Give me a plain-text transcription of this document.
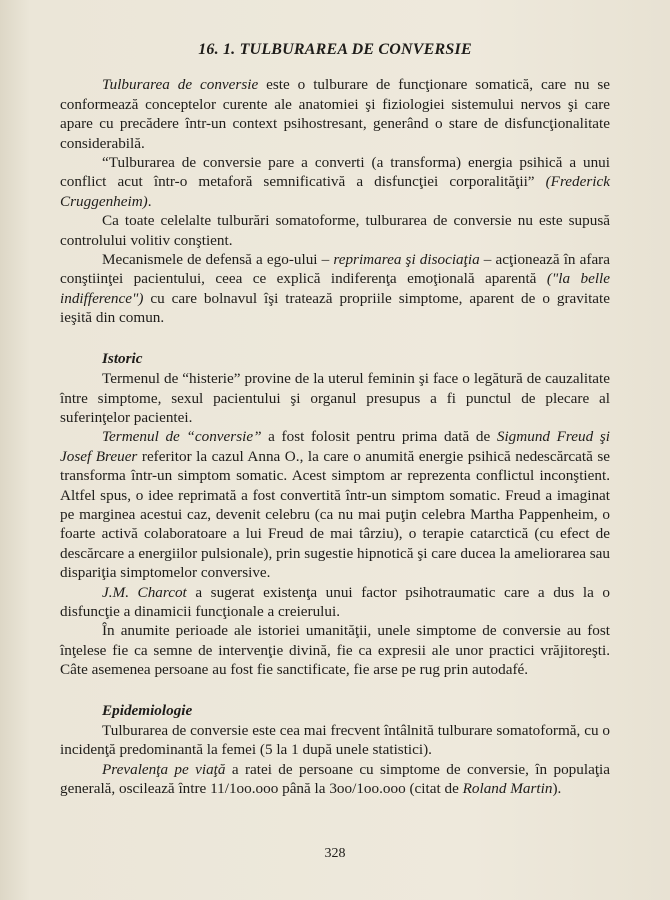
16. 1. TULBURAREA DE CONVERSIE

Tulburarea de conversie este o tulburare de funcţionare somatică, care nu se conformează conceptelor curente ale anatomiei şi fiziologiei sistemului nervos şi care apare cu precădere într-un context psihostresant, generând o stare de disfuncţionalitate considerabilă.

“Tulburarea de conversie pare a converti (a transforma) energia psihică a unui conflict acut într-o metaforă semnificativă a disfuncţiei corporalităţii” (Frederick Cruggenheim).

Ca toate celelalte tulburări somatoforme, tulburarea de conversie nu este supusă controlului volitiv conştient.

Mecanismele de defensă a ego-ului – reprimarea şi disociaţia – acţionează în afara conştiinţei pacientului, ceea ce explică indiferenţa emoţională aparentă ("la belle indifference") cu care bolnavul îşi tratează propriile simptome, aparent de o gravitate ieşită din comun.

Istoric

Termenul de “histerie” provine de la uterul feminin şi face o legătură de cauzalitate între simptome, sexul pacientului şi organul presupus a fi punctul de plecare al suferinţelor pacientei.

Termenul de “conversie” a fost folosit pentru prima dată de Sigmund Freud şi Josef Breuer referitor la cazul Anna O., la care o anumită energie psihică nedescărcată se transforma într-un simptom somatic. Acest simptom ar reprezenta conflictul inconştient. Altfel spus, o idee reprimată a fost convertită într-un simptom somatic. Freud a imaginat pe marginea acestui caz, devenit celebru (ca nu mai puţin celebra Martha Pappenheim, o foarte activă colaboratoare a lui Freud de mai târziu), o terapie catarctică (cu efect de descărcare a energiilor pulsionale), prin sugestie hipnotică şi care ducea la ameliorarea sau dispariţia simptomelor conversive.

J.M. Charcot a sugerat existenţa unui factor psihotraumatic care a dus la o disfuncţie a dinamicii funcţionale a creierului.

În anumite perioade ale istoriei umanităţii, unele simptome de conversie au fost înţelese fie ca semne de intervenţie divină, fie ca expresii ale unor practici vrăjitoreşti. Câte asemenea persoane au fost fie sanctificate, fie arse pe rug prin autodafé.

Epidemiologie

Tulburarea de conversie este cea mai frecvent întâlnită tulburare somatoformă, cu o incidenţă predominantă la femei (5 la 1 după unele statistici).

Prevalenţa pe viaţă a ratei de persoane cu simptome de conversie, în populaţia generală, oscilează între 11/1oo.ooo până la 3oo/1oo.ooo (citat de Roland Martin).

328
